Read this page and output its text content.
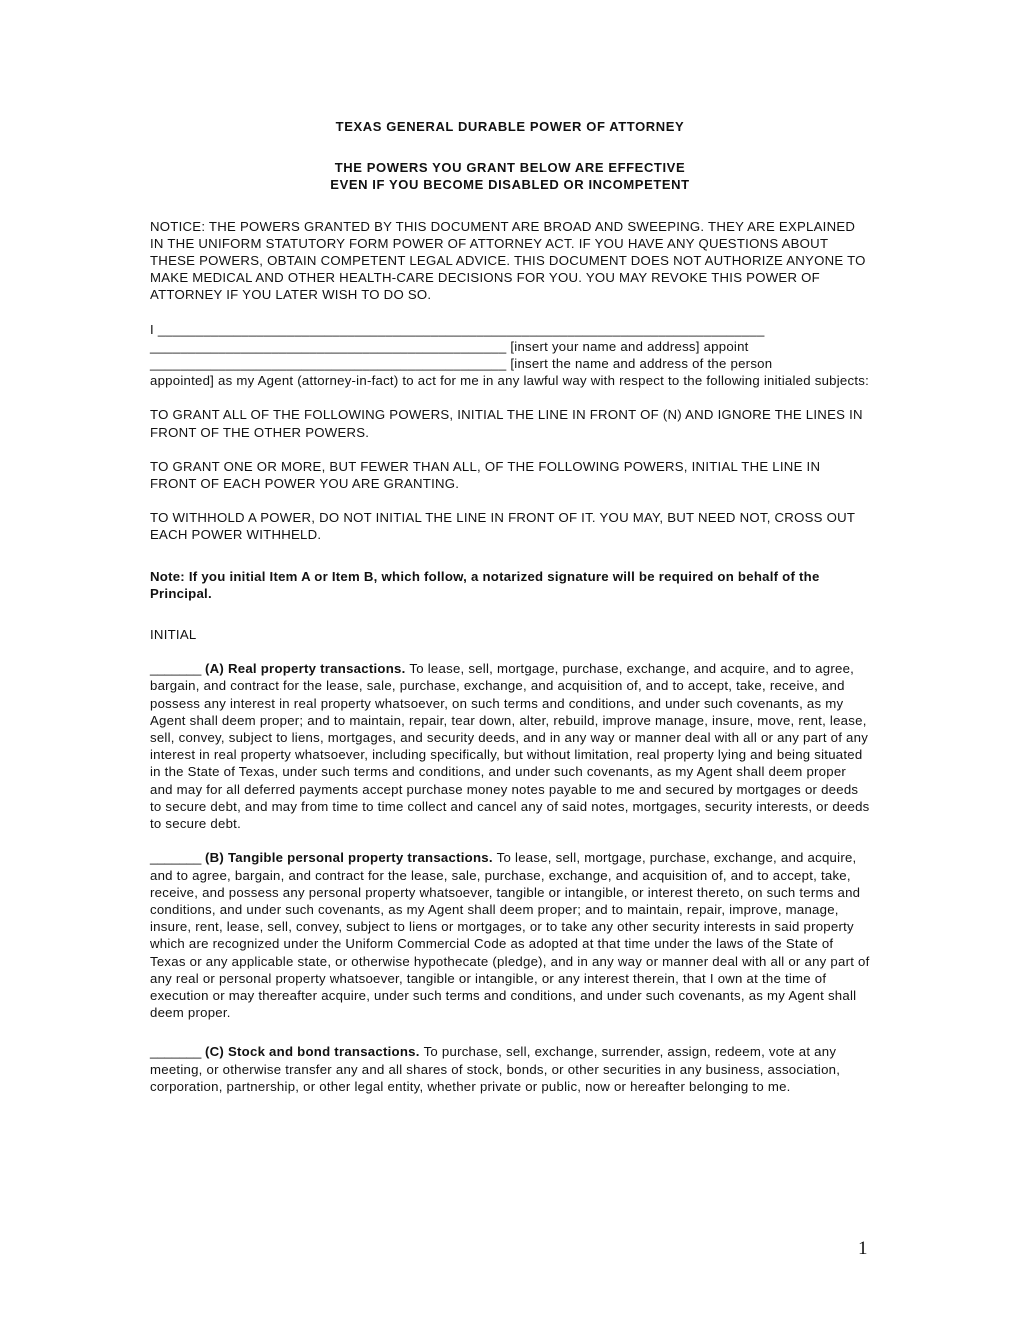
TEXAS GENERAL DURABLE POWER OF ATTORNEY
THE POWERS YOU GRANT BELOW ARE EFFECTIVE
EVEN IF YOU BECOME DISABLED OR INCOMPETENT

NOTICE: THE POWERS GRANTED BY THIS DOCUMENT ARE BROAD AND SWEEPING. THEY ARE EXPLAINED IN THE UNIFORM STATUTORY FORM POWER OF ATTORNEY ACT. IF YOU HAVE ANY QUESTIONS ABOUT THESE POWERS, OBTAIN COMPETENT LEGAL ADVICE. THIS DOCUMENT DOES NOT AUTHORIZE ANYONE TO MAKE MEDICAL AND OTHER HEALTH-CARE DECISIONS FOR YOU. YOU MAY REVOKE THIS POWER OF ATTORNEY IF YOU LATER WISH TO DO SO.

I ________________________________________________________________________________
_______________________________________________ [insert your name and address] appoint
_______________________________________________ [insert the name and address of the person
appointed] as my Agent (attorney-in-fact) to act for me in any lawful way with respect to the following initialed subjects:

TO GRANT ALL OF THE FOLLOWING POWERS, INITIAL THE LINE IN FRONT OF (N) AND IGNORE THE LINES IN FRONT OF THE OTHER POWERS.

TO GRANT ONE OR MORE, BUT FEWER THAN ALL, OF THE FOLLOWING POWERS, INITIAL THE LINE IN FRONT OF EACH POWER YOU ARE GRANTING.

TO WITHHOLD A POWER, DO NOT INITIAL THE LINE IN FRONT OF IT. YOU MAY, BUT NEED NOT, CROSS OUT EACH POWER WITHHELD.

Note: If you initial Item A or Item B, which follow, a notarized signature will be required on behalf of the Principal.

INITIAL

_______ (A) Real property transactions. To lease, sell, mortgage, purchase, exchange, and acquire, and to agree, bargain, and contract for the lease, sale, purchase, exchange, and acquisition of, and to accept, take, receive, and possess any interest in real property whatsoever, on such terms and conditions, and under such covenants, as my Agent shall deem proper; and to maintain, repair, tear down, alter, rebuild, improve manage, insure, move, rent, lease, sell, convey, subject to liens, mortgages, and security deeds, and in any way or manner deal with all or any part of any interest in real property whatsoever, including specifically, but without limitation, real property lying and being situated in the State of Texas, under such terms and conditions, and under such covenants, as my Agent shall deem proper and may for all deferred payments accept purchase money notes payable to me and secured by mortgages or deeds to secure debt, and may from time to time collect and cancel any of said notes, mortgages, security interests, or deeds to secure debt.

_______ (B) Tangible personal property transactions. To lease, sell, mortgage, purchase, exchange, and acquire, and to agree, bargain, and contract for the lease, sale, purchase, exchange, and acquisition of, and to accept, take, receive, and possess any personal property whatsoever, tangible or intangible, or interest thereto, on such terms and conditions, and under such covenants, as my Agent shall deem proper; and to maintain, repair, improve, manage, insure, rent, lease, sell, convey, subject to liens or mortgages, or to take any other security interests in said property which are recognized under the Uniform Commercial Code as adopted at that time under the laws of the State of Texas or any applicable state, or otherwise hypothecate (pledge), and in any way or manner deal with all or any part of any real or personal property whatsoever, tangible or intangible, or any interest therein, that I own at the time of execution or may thereafter acquire, under such terms and conditions, and under such covenants, as my Agent shall deem proper.

_______ (C) Stock and bond transactions. To purchase, sell, exchange, surrender, assign, redeem, vote at any meeting, or otherwise transfer any and all shares of stock, bonds, or other securities in any business, association, corporation, partnership, or other legal entity, whether private or public, now or hereafter belonging to me.

1
